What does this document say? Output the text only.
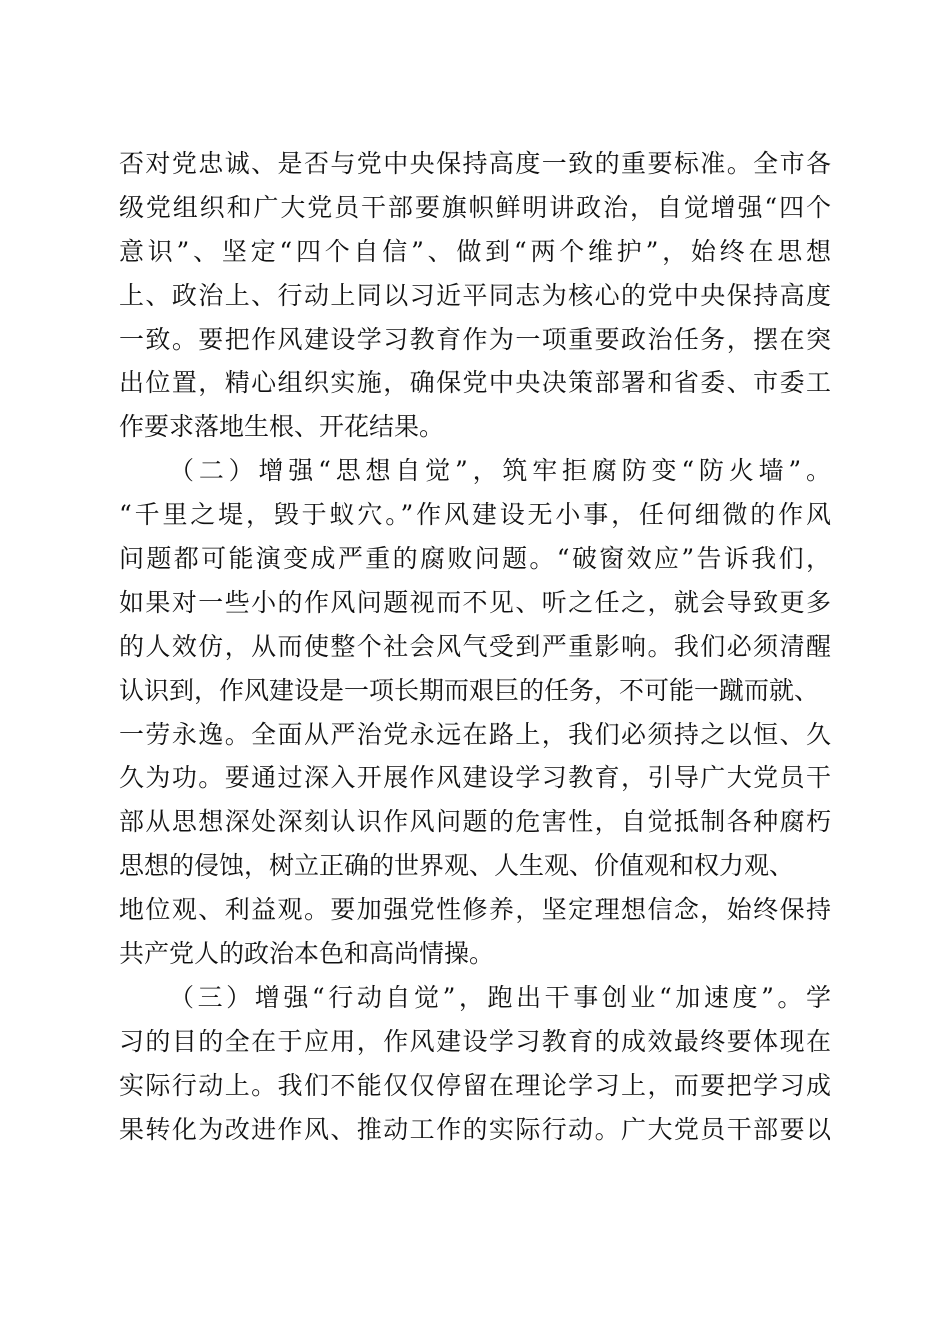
否对党忠诚、是否与党中央保持高度一致的重要标准。全市各
级党组织和广大党员干部要旗帜鲜明讲政治，自觉增强“四个
意识”、坚定“四个自信”、做到“两个维护”，始终在思想
上、政治上、行动上同以习近平同志为核心的党中央保持高度
一致。要把作风建设学习教育作为一项重要政治任务，摆在突
出位置，精心组织实施，确保党中央决策部署和省委、市委工
作要求落地生根、开花结果。
（二）增强“思想自觉”，筑牢拒腐防变“防火墙”。
“千里之堤，毁于蚁穴。”作风建设无小事，任何细微的作风
问题都可能演变成严重的腐败问题。“破窗效应”告诉我们，
如果对一些小的作风问题视而不见、听之任之，就会导致更多
的人效仿，从而使整个社会风气受到严重影响。我们必须清醒
认识到，作风建设是一项长期而艰巨的任务，不可能一蹴而就、
一劳永逸。全面从严治党永远在路上，我们必须持之以恒、久
久为功。要通过深入开展作风建设学习教育，引导广大党员干
部从思想深处深刻认识作风问题的危害性，自觉抵制各种腐朽
思想的侵蚀，树立正确的世界观、人生观、价值观和权力观、
地位观、利益观。要加强党性修养，坚定理想信念，始终保持
共产党人的政治本色和高尚情操。
（三）增强“行动自觉”，跑出干事创业“加速度”。学
习的目的全在于应用，作风建设学习教育的成效最终要体现在
实际行动上。我们不能仅仅停留在理论学习上，而要把学习成
果转化为改进作风、推动工作的实际行动。广大党员干部要以
